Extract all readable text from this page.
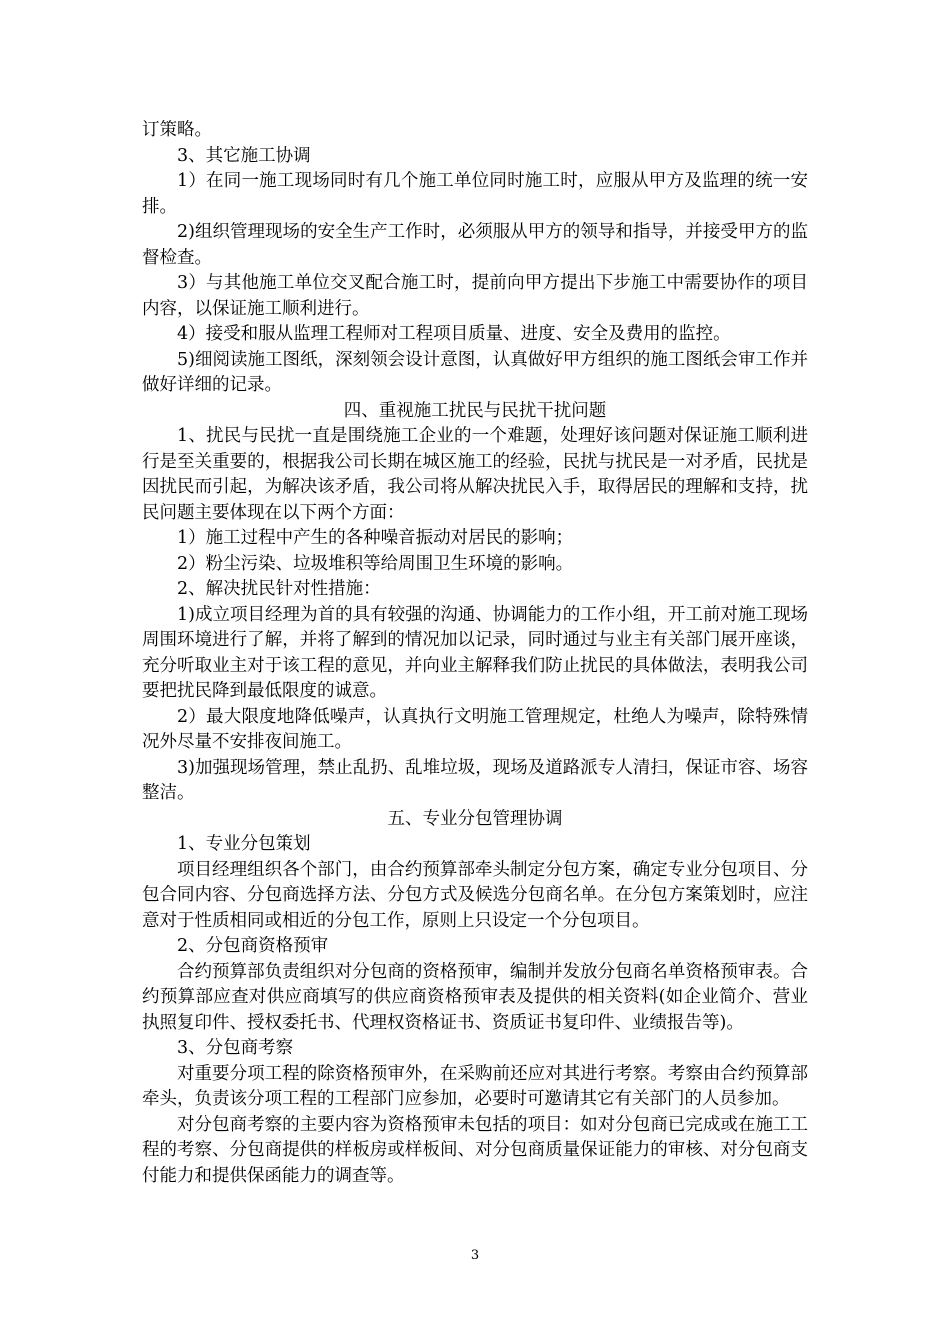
订策略。

3、其它施工协调

1）在同一施工现场同时有几个施工单位同时施工时，应服从甲方及监理的统一安排。

2)组织管理现场的安全生产工作时，必须服从甲方的领导和指导，并接受甲方的监督检查。

3）与其他施工单位交叉配合施工时，提前向甲方提出下步施工中需要协作的项目内容，以保证施工顺利进行。

4）接受和服从监理工程师对工程项目质量、进度、安全及费用的监控。

5)细阅读施工图纸，深刻领会设计意图，认真做好甲方组织的施工图纸会审工作并做好详细的记录。

四、重视施工扰民与民扰干扰问题

1、扰民与民扰一直是围绕施工企业的一个难题，处理好该问题对保证施工顺利进行是至关重要的，根据我公司长期在城区施工的经验，民扰与扰民是一对矛盾，民扰是因扰民而引起，为解决该矛盾，我公司将从解决扰民入手，取得居民的理解和支持，扰民问题主要体现在以下两个方面：

1）施工过程中产生的各种噪音振动对居民的影响；

2）粉尘污染、垃圾堆积等给周围卫生环境的影响。

2、解决扰民针对性措施：

1)成立项目经理为首的具有较强的沟通、协调能力的工作小组，开工前对施工现场周围环境进行了解，并将了解到的情况加以记录，同时通过与业主有关部门展开座谈，充分听取业主对于该工程的意见，并向业主解释我们防止扰民的具体做法，表明我公司要把扰民降到最低限度的诚意。

2）最大限度地降低噪声，认真执行文明施工管理规定，杜绝人为噪声，除特殊情况外尽量不安排夜间施工。

3)加强现场管理，禁止乱扔、乱堆垃圾，现场及道路派专人清扫，保证市容、场容整洁。

五、专业分包管理协调

1、专业分包策划

项目经理组织各个部门，由合约预算部牵头制定分包方案，确定专业分包项目、分包合同内容、分包商选择方法、分包方式及候选分包商名单。在分包方案策划时，应注意对于性质相同或相近的分包工作，原则上只设定一个分包项目。

2、分包商资格预审

合约预算部负责组织对分包商的资格预审，编制并发放分包商名单资格预审表。合约预算部应查对供应商填写的供应商资格预审表及提供的相关资料(如企业简介、营业执照复印件、授权委托书、代理权资格证书、资质证书复印件、业绩报告等)。

3、分包商考察

对重要分项工程的除资格预审外，在采购前还应对其进行考察。考察由合约预算部牵头，负责该分项工程的工程部门应参加，必要时可邀请其它有关部门的人员参加。

对分包商考察的主要内容为资格预审未包括的项目：如对分包商已完成或在施工工程的考察、分包商提供的样板房或样板间、对分包商质量保证能力的审核、对分包商支付能力和提供保函能力的调查等。

3
